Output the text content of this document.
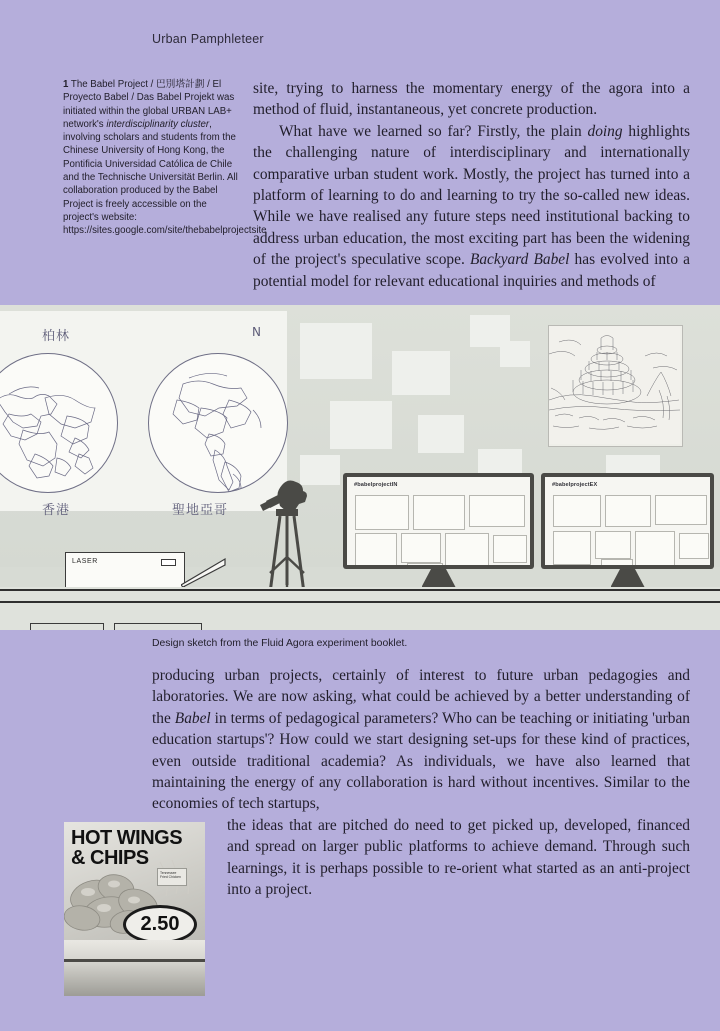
Urban Pamphleteer
1 The Babel Project / 巴別塔計劃 / El Proyecto Babel / Das Babel Projekt was initiated within the global URBAN LAB+ network's interdisciplinarity cluster, involving scholars and students from the Chinese University of Hong Kong, the Pontificia Universidad Católica de Chile and the Technische Universität Berlin. All collaboration produced by the Babel Project is freely accessible on the project's website: https://sites.google.com/site/thebabelprojectsite

site, trying to harness the momentary energy of the agora into a method of fluid, instantaneous, yet concrete production.

What have we learned so far? Firstly, the plain doing highlights the challenging nature of interdisciplinary and internationally comparative urban student work. Mostly, the project has turned into a platform of learning to do and learning to try the so-called new ideas. While we have realised any future steps need institutional backing to address urban education, the most exciting part has been the widening of the project's speculative scope. Backyard Babel has evolved into a potential model for relevant educational inquiries and methods of

柏林
香港	聖地亞哥
N
LASER
#babelprojectIN	#babelprojectEX
Design sketch from the Fluid Agora experiment booklet.

producing urban projects, certainly of interest to future urban pedagogies and laboratories. We are now asking, what could be achieved by a better understanding of the Babel in terms of pedagogical parameters? Who can be teaching or initiating 'urban education startups'? How could we start designing set-ups for these kind of practices, even outside traditional academia? As individuals, we have also learned that maintaining the energy of any collaboration is hard without incentives. Similar to the economies of tech startups,

the ideas that are pitched do need to get picked up, developed, financed and spread on larger public platforms to achieve demand. Through such learnings, it is perhaps possible to re-orient what started as an anti-project into a project.

Tennessee Fried Chicken
HOT WINGS
& CHIPS
2.50
